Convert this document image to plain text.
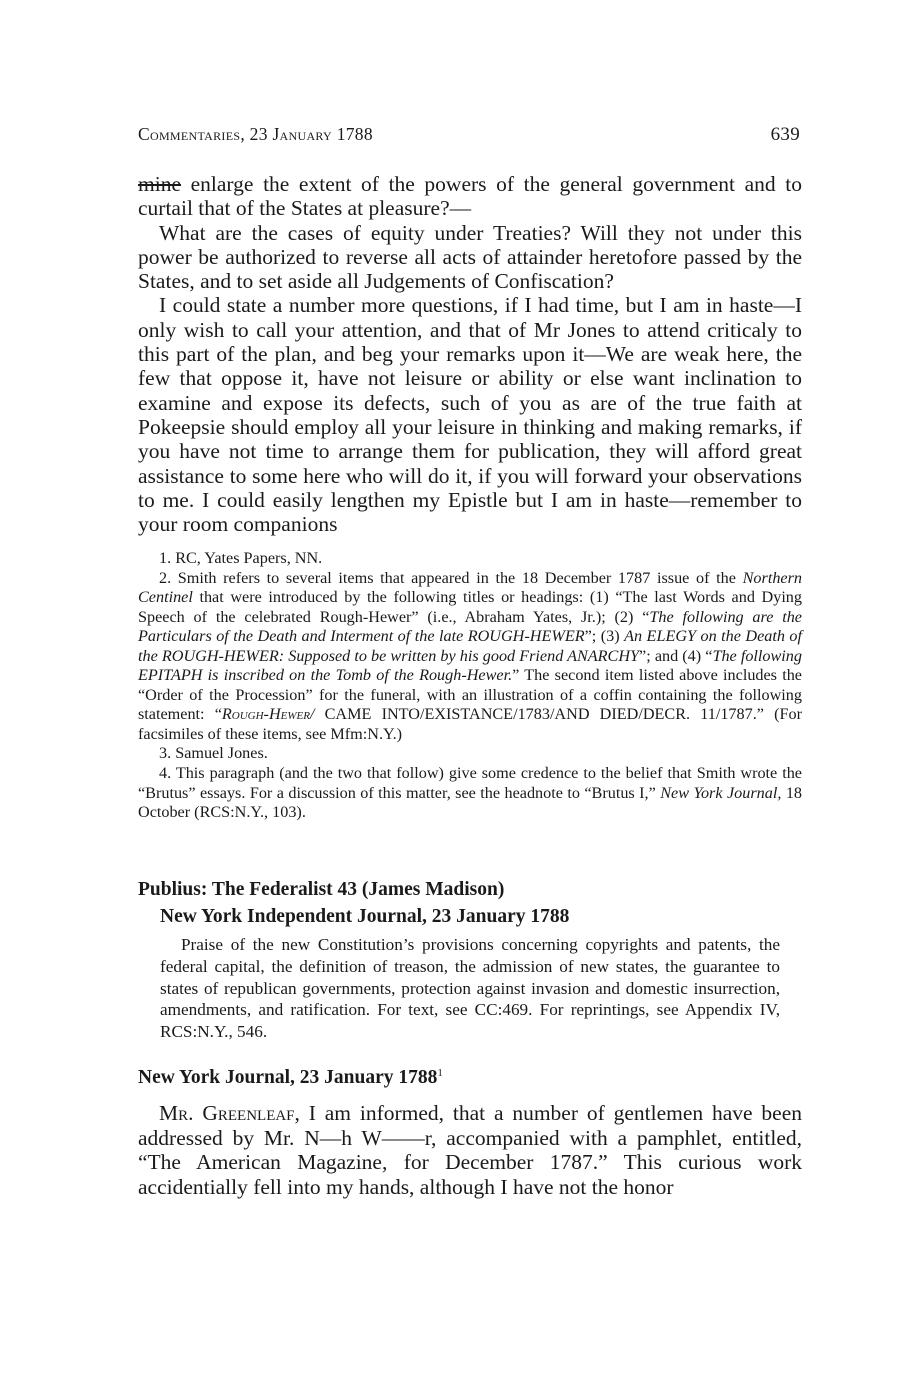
Commentaries, 23 January 1788	639

mine enlarge the extent of the powers of the general government and to curtail that of the States at pleasure?—

What are the cases of equity under Treaties? Will they not under this power be authorized to reverse all acts of attainder heretofore passed by the States, and to set aside all Judgements of Confiscation?

I could state a number more questions, if I had time, but I am in haste—I only wish to call your attention, and that of Mr Jones to attend criticaly to this part of the plan, and beg your remarks upon it—We are weak here, the few that oppose it, have not leisure or ability or else want inclination to examine and expose its defects, such of you as are of the true faith at Pokeepsie should employ all your leisure in thinking and making remarks, if you have not time to arrange them for publication, they will afford great assistance to some here who will do it, if you will forward your observations to me. I could easily lengthen my Epistle but I am in haste—remember to your room companions

1. RC, Yates Papers, NN.

2. Smith refers to several items that appeared in the 18 December 1787 issue of the Northern Centinel that were introduced by the following titles or headings: (1) “The last Words and Dying Speech of the celebrated Rough-Hewer” (i.e., Abraham Yates, Jr.); (2) “The following are the Particulars of the Death and Interment of the late ROUGH-HEWER”; (3) An ELEGY on the Death of the ROUGH-HEWER: Supposed to be written by his good Friend ANARCHY”; and (4) “The following EPITAPH is inscribed on the Tomb of the Rough-Hewer.” The second item listed above includes the “Order of the Procession” for the funeral, with an illustration of a coffin containing the following statement: “Rough-Hewer/ CAME INTO/EXISTANCE/1783/AND DIED/DECR. 11/1787.” (For facsimiles of these items, see Mfm:N.Y.)

3. Samuel Jones.

4. This paragraph (and the two that follow) give some credence to the belief that Smith wrote the “Brutus” essays. For a discussion of this matter, see the headnote to “Brutus I,” New York Journal, 18 October (RCS:N.Y., 103).

Publius: The Federalist 43 (James Madison)
New York Independent Journal, 23 January 1788

Praise of the new Constitution’s provisions concerning copyrights and patents, the federal capital, the definition of treason, the admission of new states, the guarantee to states of republican governments, protection against invasion and domestic insurrection, amendments, and ratification. For text, see CC:469. For reprintings, see Appendix IV, RCS:N.Y., 546.

New York Journal, 23 January 1788$^1$

Mr. Greenleaf, I am informed, that a number of gentlemen have been addressed by Mr. N—h W——r, accompanied with a pamphlet, entitled, “The American Magazine, for December 1787.” This curious work accidentially fell into my hands, although I have not the honor
